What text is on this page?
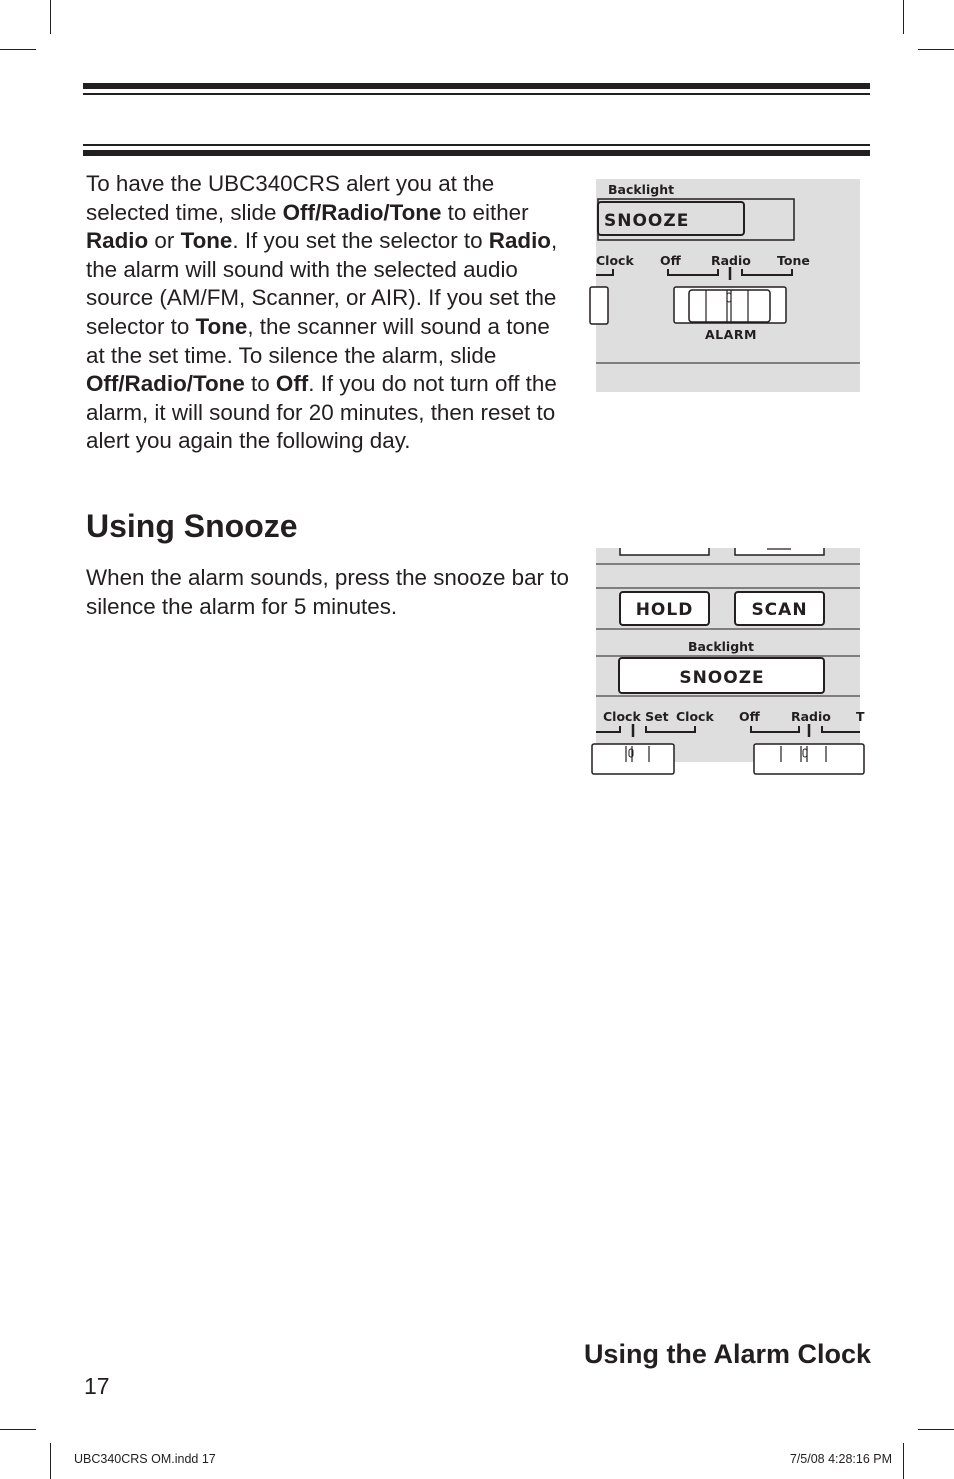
To have the UBC340CRS alert you at the selected time, slide Off/Radio/Tone to either Radio or Tone. If you set the selector to Radio, the alarm will sound with the selected audio source (AM/FM, Scanner, or AIR). If you set the selector to Tone, the scanner will sound a tone at the set time. To silence the alarm, slide Off/Radio/Tone to Off. If you do not turn off the alarm, it will sound for 20 minutes, then reset to alert you again the following day.

Backlight
SNOOZE
Clock Off Radio Tone
ALARM
Using Snooze

When the alarm sounds, press the snooze bar to silence the alarm for 5 minutes.	HOLD	SCAN
Backlight
SNOOZE
Clock Set Clock Off Radio T
Using the Alarm Clock
17
UBC340CRS OM.indd 17	7/5/08 4:28:16 PM
